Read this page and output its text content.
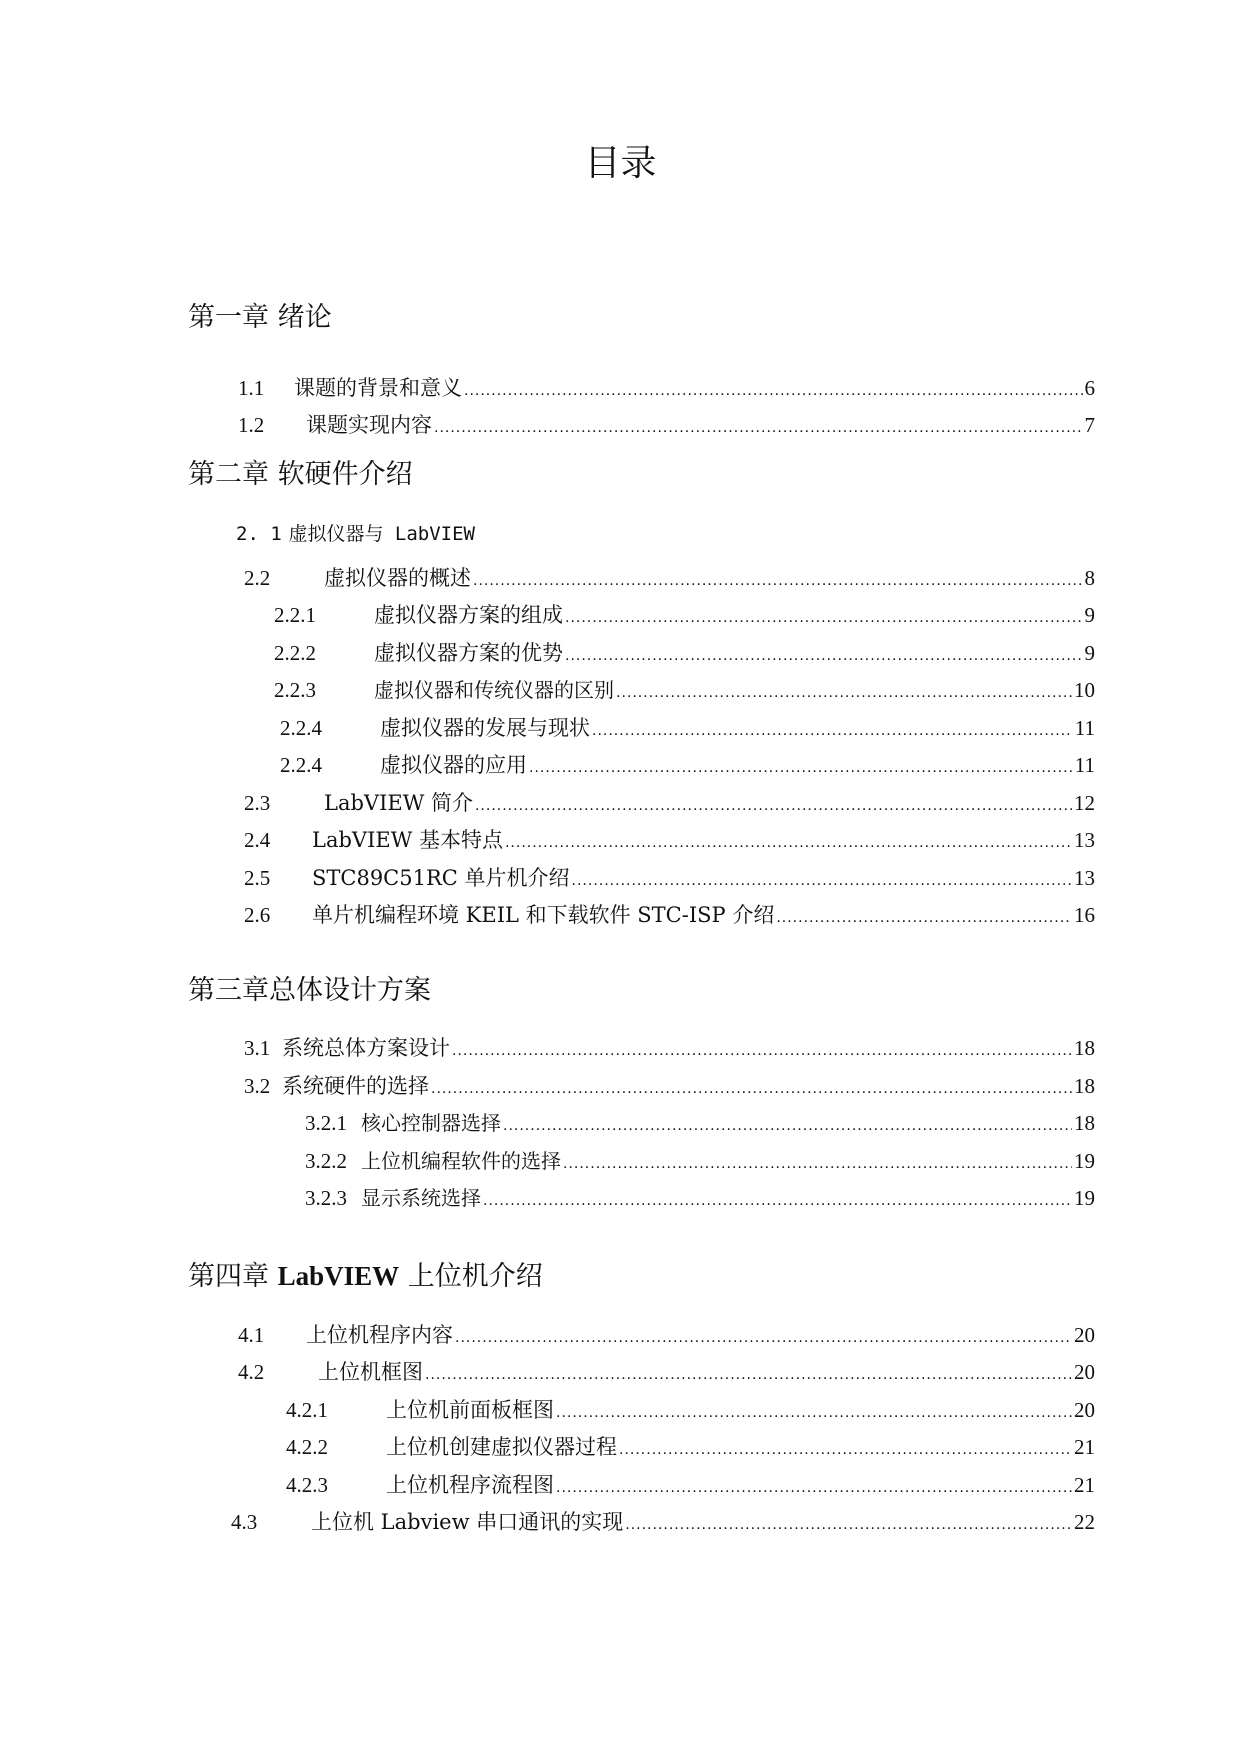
目录
第一章 绪论
1.1	课题的背景和意义 .....	6
1.2	课题实现内容 .....	7
第二章 软硬件介绍
2. 1 虚拟仪器与 LabVIEW
2.2	虚拟仪器的概述 .....	8
2.2.1	虚拟仪器方案的组成 .....	9
2.2.2	虚拟仪器方案的优势 .....	9
2.2.3	虚拟仪器和传统仪器的区别 .....	10
2.2.4	虚拟仪器的发展与现状 .....	11
2.2.4	虚拟仪器的应用 .....	11
2.3	LabVIEW 简介 .....	12
2.4	LabVIEW 基本特点 .....	13
2.5	STC89C51RC 单片机介绍 .....	13
2.6	单片机编程环境 KEIL 和下载软件 STC-ISP 介绍 .....	16
第三章总体设计方案
3.1 系统总体方案设计 .....	18
3.2 系统硬件的选择 .....	18
3.2.1 核心控制器选择 .....	18
3.2.2 上位机编程软件的选择 .....	19
3.2.3 显示系统选择 .....	19
第四章 LabVIEW 上位机介绍
4.1	上位机程序内容 .....	20
4.2	上位机框图 .....	20
4.2.1	上位机前面板框图 .....	20
4.2.2	上位机创建虚拟仪器过程 .....	21
4.2.3	上位机程序流程图 .....	21
4.3	上位机 Labview 串口通讯的实现 .....	22
